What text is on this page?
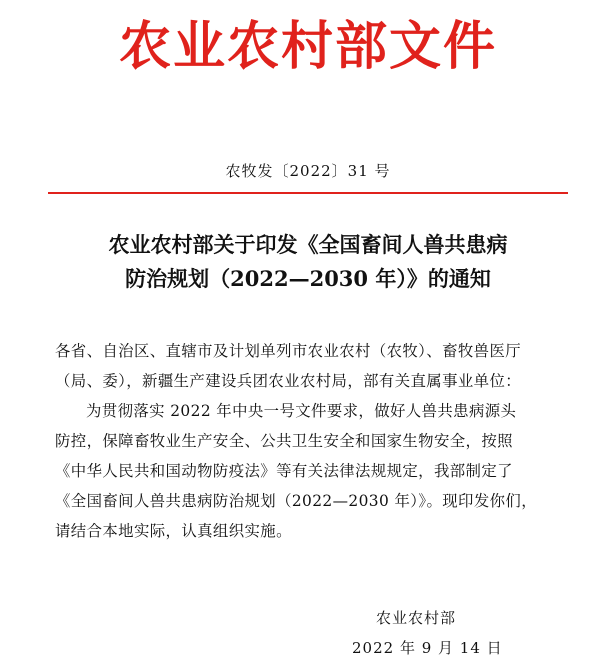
农业农村部文件
农牧发〔2022〕31 号
农业农村部关于印发《全国畜间人兽共患病
防治规划（2022—2030 年）》的通知

各省、自治区、直辖市及计划单列市农业农村（农牧）、畜牧兽医厅

（局、委），新疆生产建设兵团农业农村局，部有关直属事业单位：

为贯彻落实 2022 年中央一号文件要求，做好人兽共患病源头

防控，保障畜牧业生产安全、公共卫生安全和国家生物安全，按照

《中华人民共和国动物防疫法》等有关法律法规规定，我部制定了

《全国畜间人兽共患病防治规划（2022—2030 年）》。现印发你们，

请结合本地实际，认真组织实施。

农业农村部
2022 年 9 月 14 日
